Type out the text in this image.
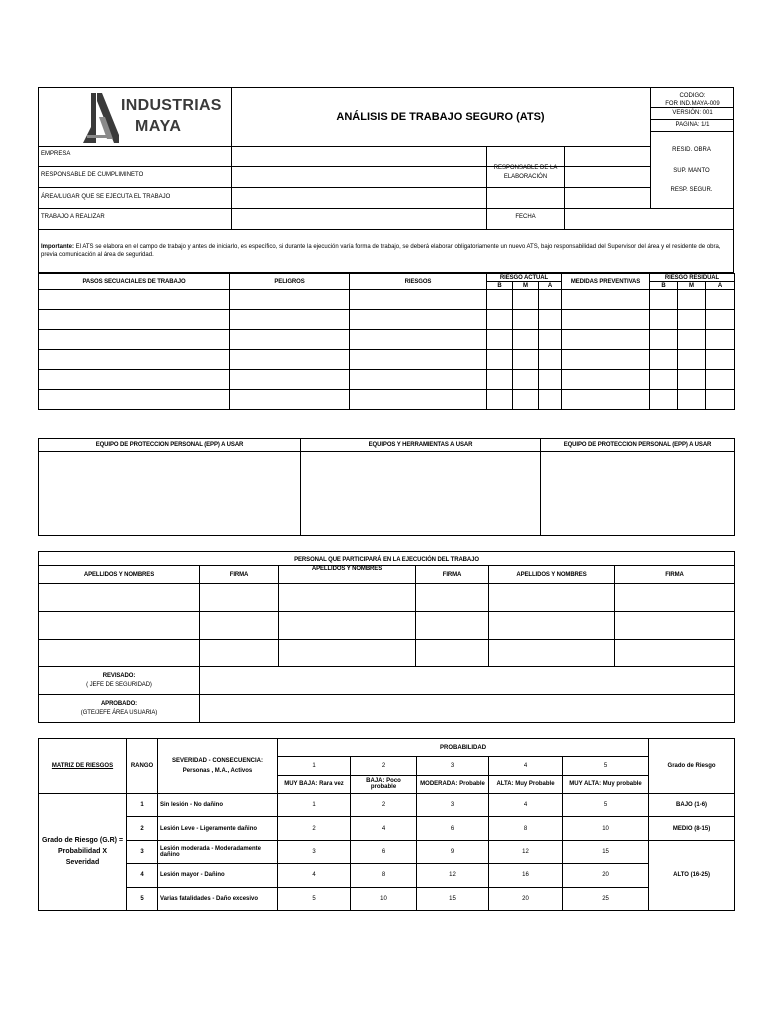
INDUSTRIAS
MAYA
ANÁLISIS DE TRABAJO SEGURO (ATS)
CODIGO:
FOR IND.MAYA-009
VERSIÓN: 001
PAGINA: 1/1
EMPRESA
RESPONSABLE DE CUMPLIMINETO
ÁREA/LUGAR QUE SE EJECUTA EL TRABAJO
TRABAJO A REALIZAR
RESPONSABLE DE LA ELABORACIÓN
FECHA
RESID. OBRA
SUP. MANTO
RESP. SEGUR.
Importante: El ATS se elabora en el campo de trabajo y antes de iniciarlo, es específico, si durante la ejecución varía forma de trabajo, se deberá elaborar obligatoriamente un nuevo ATS, bajo responsabilidad del Supervisor del área y el residente de obra, previa comunicación al área de seguridad.
PASOS SECUACIALES DE TRABAJO	PELIGROS	RIESGOS	RIESGO ACTUAL			MEDIDAS PREVENTIVAS	RIESGO RESIDUAL		
			B	M	A		B	M	A

EQUIPO DE PROTECCION PERSONAL (EPP) A USAR	EQUIPOS Y HERRAMIENTAS A USAR	EQUIPO DE PROTECCION PERSONAL (EPP) A USAR

PERSONAL QUE PARTICIPARÁ EN LA EJECUCIÓN DEL TRABAJO					
APELLIDOS Y NOMBRES	FIRMA	APELLIDOS Y NOMBRES	FIRMA	APELLIDOS Y NOMBRES	FIRMA

REVISADO:
( JEFE DE SEGURIDAD)					

APROBADO:
(GTE/JEFE ÁREA USUARIA)					

MATRIZ DE RIESGOS	RANGO	SEVERIDAD - CONSECUENCIA: Personas , M.A., Activos	PROBABILIDAD					Grado de Riesgo
			1	2	3	4	5	
			MUY BAJA: Rara vez	BAJA: Poco probable	MODERADA: Probable	ALTA: Muy Probable	MUY ALTA: Muy probable	
Grado de Riesgo (G.R) = Probabilidad X Severidad	1	Sin lesión - No dañino	1	2	3	4	5	BAJO (1-6)
	2	Lesión Leve - Ligeramente dañino	2	4	6	8	10	MEDIO (8-15)
	3	Lesión moderada - Moderadamente dañino	3	6	9	12	15	ALTO (16-25)
	4	Lesión mayor - Dañino	4	8	12	16	20	
	5	Varias fatalidades - Daño excesivo	5	10	15	20	25	
